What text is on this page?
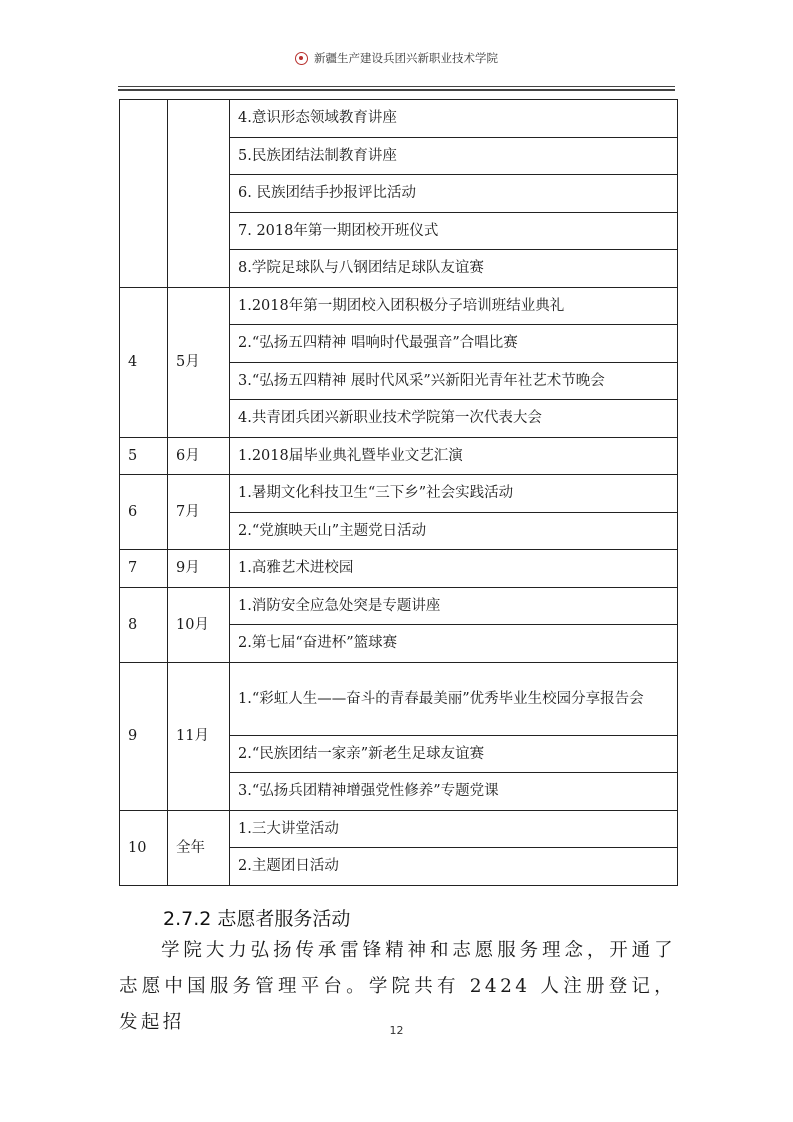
新疆生产建设兵团兴新职业技术学院
		4.意识形态领域教育讲座
		5.民族团结法制教育讲座
		6. 民族团结手抄报评比活动
		7. 2018年第一期团校开班仪式
		8.学院足球队与八钢团结足球队友谊赛
4	5月	1.2018年第一期团校入团积极分子培训班结业典礼
		2.“弘扬五四精神 唱响时代最强音”合唱比赛
		3.“弘扬五四精神 展时代风采”兴新阳光青年社艺术节晚会
		4.共青团兵团兴新职业技术学院第一次代表大会
5	6月	1.2018届毕业典礼暨毕业文艺汇演
6	7月	1.暑期文化科技卫生“三下乡”社会实践活动
		2.“党旗映天山”主题党日活动
7	9月	1.高雅艺术进校园
8	10月	1.消防安全应急处突是专题讲座
		2.第七届“奋进杯”篮球赛
9	11月	1.“彩虹人生——奋斗的青春最美丽”优秀毕业生校园分享报告会
		2.“民族团结一家亲”新老生足球友谊赛
		3.“弘扬兵团精神增强党性修养”专题党课
10	全年	1.三大讲堂活动
		2.主题团日活动
2.7.2 志愿者服务活动
学院大力弘扬传承雷锋精神和志愿服务理念，开通了志愿中国服务管理平台。学院共有 2424 人注册登记，发起招	12
